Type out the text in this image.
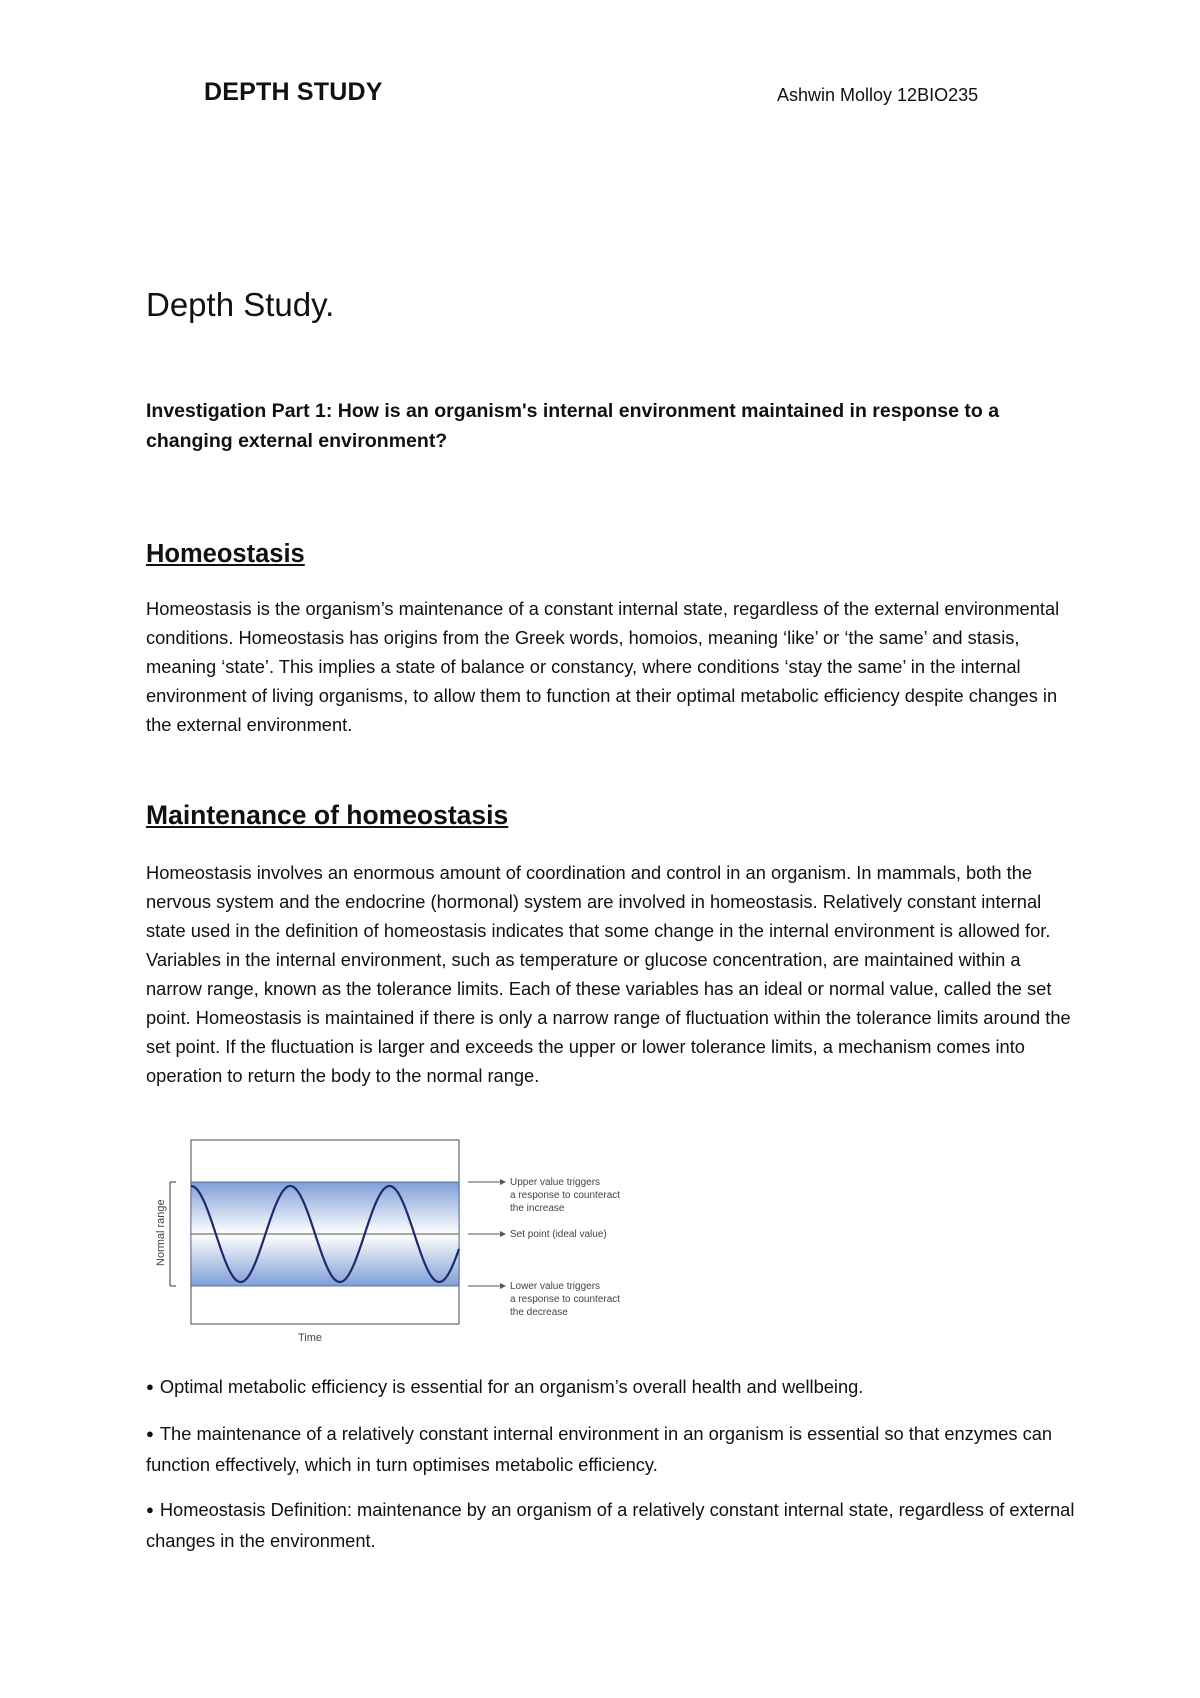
DEPTH STUDY	Ashwin Molloy 12BIO235
Depth Study.
Investigation Part 1: How is an organism's internal environment maintained in response to a changing external environment?
Homeostasis
Homeostasis is the organism’s maintenance of a constant internal state, regardless of the external environmental conditions. Homeostasis has origins from the Greek words, homoios, meaning ‘like’ or ‘the same’ and stasis, meaning ‘state’. This implies a state of balance or constancy, where conditions ‘stay the same’ in the internal environment of living organisms, to allow them to function at their optimal metabolic efficiency despite changes in the external environment.
Maintenance of homeostasis
Homeostasis involves an enormous amount of coordination and control in an organism. In mammals, both the nervous system and the endocrine (hormonal) system are involved in homeostasis. Relatively constant internal state used in the definition of homeostasis indicates that some change in the internal environment is allowed for. Variables in the internal environment, such as temperature or glucose concentration, are maintained within a narrow range, known as the tolerance limits. Each of these variables has an ideal or normal value, called the set point. Homeostasis is maintained if there is only a narrow range of fluctuation within the tolerance limits around the set point. If the fluctuation is larger and exceeds the upper or lower tolerance limits, a mechanism comes into operation to return the body to the normal range.
Normal range
Time
Upper value triggers a response to counteract the increase
Set point (ideal value)
Lower value triggers a response to counteract the decrease
● Optimal metabolic efficiency is essential for an organism’s overall health and wellbeing.
● The maintenance of a relatively constant internal environment in an organism is essential so that enzymes can function effectively, which in turn optimises metabolic efficiency.
● Homeostasis Definition: maintenance by an organism of a relatively constant internal state, regardless of external changes in the environment.
